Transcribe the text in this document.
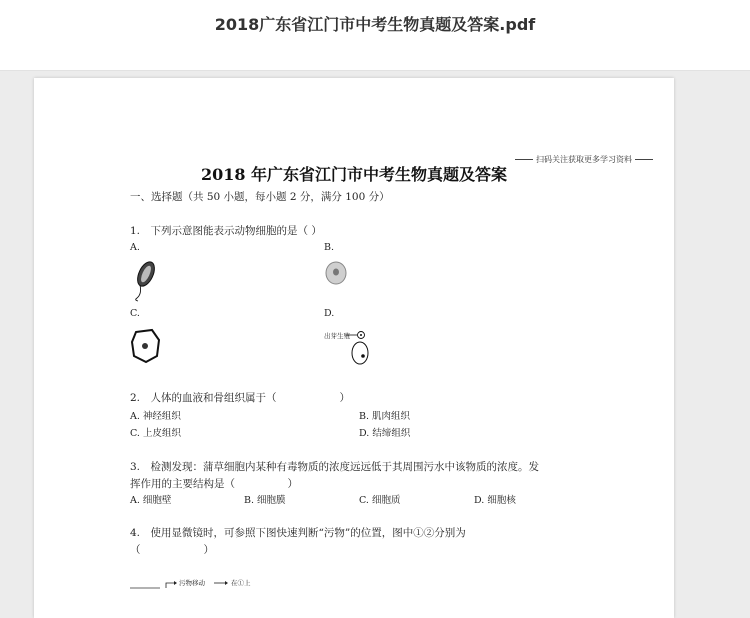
2018广东省江门市中考生物真题及答案.pdf
扫码关注获取更多学习资料
2018 年广东省江门市中考生物真题及答案
一、选择题（共 50 小题，每小题 2 分，满分 100 分）
1.　下列示意图能表示动物细胞的是（ ）
A.	B.
C.	D.
出芽生殖
2.　人体的血液和骨组织属于（　　　　　　）
A. 神经组织	B. 肌肉组织
C. 上皮组织	D. 结缔组织
3.　检测发现：蒲草细胞内某种有毒物质的浓度远远低于其周围污水中该物质的浓度。发
挥作用的主要结构是（　　　　　）
A. 细胞壁	B. 细胞膜	C. 细胞质	D. 细胞核
4.　使用显微镜时，可参照下图快速判断“污物”的位置，图中①②分别为
（　　　　　　）
污物移动	在①上
